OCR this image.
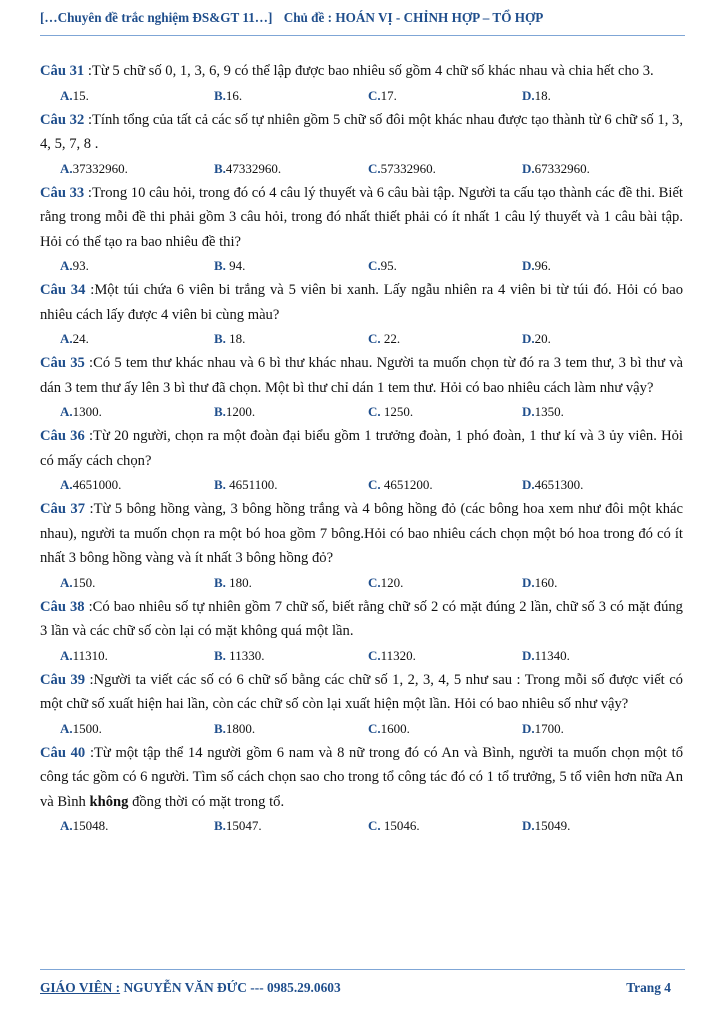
[…Chuyên đề trắc nghiệm ĐS&GT 11…] Chủ đề : HOÁN VỊ - CHỈNH HỢP – TỔ HỢP
Câu 31 :Từ 5 chữ số 0, 1, 3, 6, 9 có thể lập được bao nhiêu số gồm 4 chữ số khác nhau và chia hết cho 3.
A.15.	B.16.	C.17.	D.18.
Câu 32 :Tính tổng của tất cả các số tự nhiên gồm 5 chữ số đôi một khác nhau được tạo thành từ 6 chữ số 1, 3, 4, 5, 7, 8 .
A.37332960.	B.47332960.	C.57332960.	D.67332960.
Câu 33 :Trong 10 câu hỏi, trong đó có 4 câu lý thuyết và 6 câu bài tập. Người ta cấu tạo thành các đề thi. Biết rằng trong mỗi đề thi phải gồm 3 câu hỏi, trong đó nhất thiết phải có ít nhất 1 câu lý thuyết và 1 câu bài tập. Hỏi có thể tạo ra bao nhiêu đề thi?
A.93.	B. 94.	C.95.	D.96.
Câu 34 :Một túi chứa 6 viên bi trắng và 5 viên bi xanh. Lấy ngẫu nhiên ra 4 viên bi từ túi đó. Hỏi có bao nhiêu cách lấy được 4 viên bi cùng màu?
A.24.	B. 18.	C. 22.	D.20.
Câu 35 :Có 5 tem thư khác nhau và 6 bì thư khác nhau. Người ta muốn chọn từ đó ra 3 tem thư, 3 bì thư và dán 3 tem thư ấy lên 3 bì thư đã chọn. Một bì thư chỉ dán 1 tem thư. Hỏi có bao nhiêu cách làm như vậy?
A.1300.	B.1200.	C. 1250.	D.1350.
Câu 36 :Từ 20 người, chọn ra một đoàn đại biểu gồm 1 trưởng đoàn, 1 phó đoàn, 1 thư kí và 3 ủy viên. Hỏi có mấy cách chọn?
A.4651000.	B. 4651100.	C. 4651200.	D.4651300.
Câu 37 :Từ 5 bông hồng vàng, 3 bông hồng trắng và 4 bông hồng đỏ (các bông hoa xem như đôi một khác nhau), người ta muốn chọn ra một bó hoa gồm 7 bông.Hỏi có bao nhiêu cách chọn một bó hoa trong đó có ít nhất 3 bông hồng vàng và ít nhất 3 bông hồng đỏ?
A.150.	B. 180.	C.120.	D.160.
Câu 38 :Có bao nhiêu số tự nhiên gồm 7 chữ số, biết rằng chữ số 2 có mặt đúng 2 lần, chữ số 3 có mặt đúng 3 lần và các chữ số còn lại có mặt không quá một lần.
A.11310.	B. 11330.	C.11320.	D.11340.
Câu 39 :Người ta viết các số có 6 chữ số bằng các chữ số 1, 2, 3, 4, 5 như sau : Trong mỗi số được viết có một chữ số xuất hiện hai lần, còn các chữ số còn lại xuất hiện một lần. Hỏi có bao nhiêu số như vậy?
A.1500.	B.1800.	C.1600.	D.1700.
Câu 40 :Từ một tập thể 14 người gồm 6 nam và 8 nữ trong đó có An và Bình, người ta muốn chọn một tổ công tác gồm có 6 người. Tìm số cách chọn sao cho trong tổ công tác đó có 1 tổ trưởng, 5 tổ viên hơn nữa An và Bình không đồng thời có mặt trong tổ.
A.15048.	B.15047.	C. 15046.	D.15049.
GIÁO VIÊN : NGUYỄN VĂN ĐỨC --- 0985.29.0603	Trang 4
